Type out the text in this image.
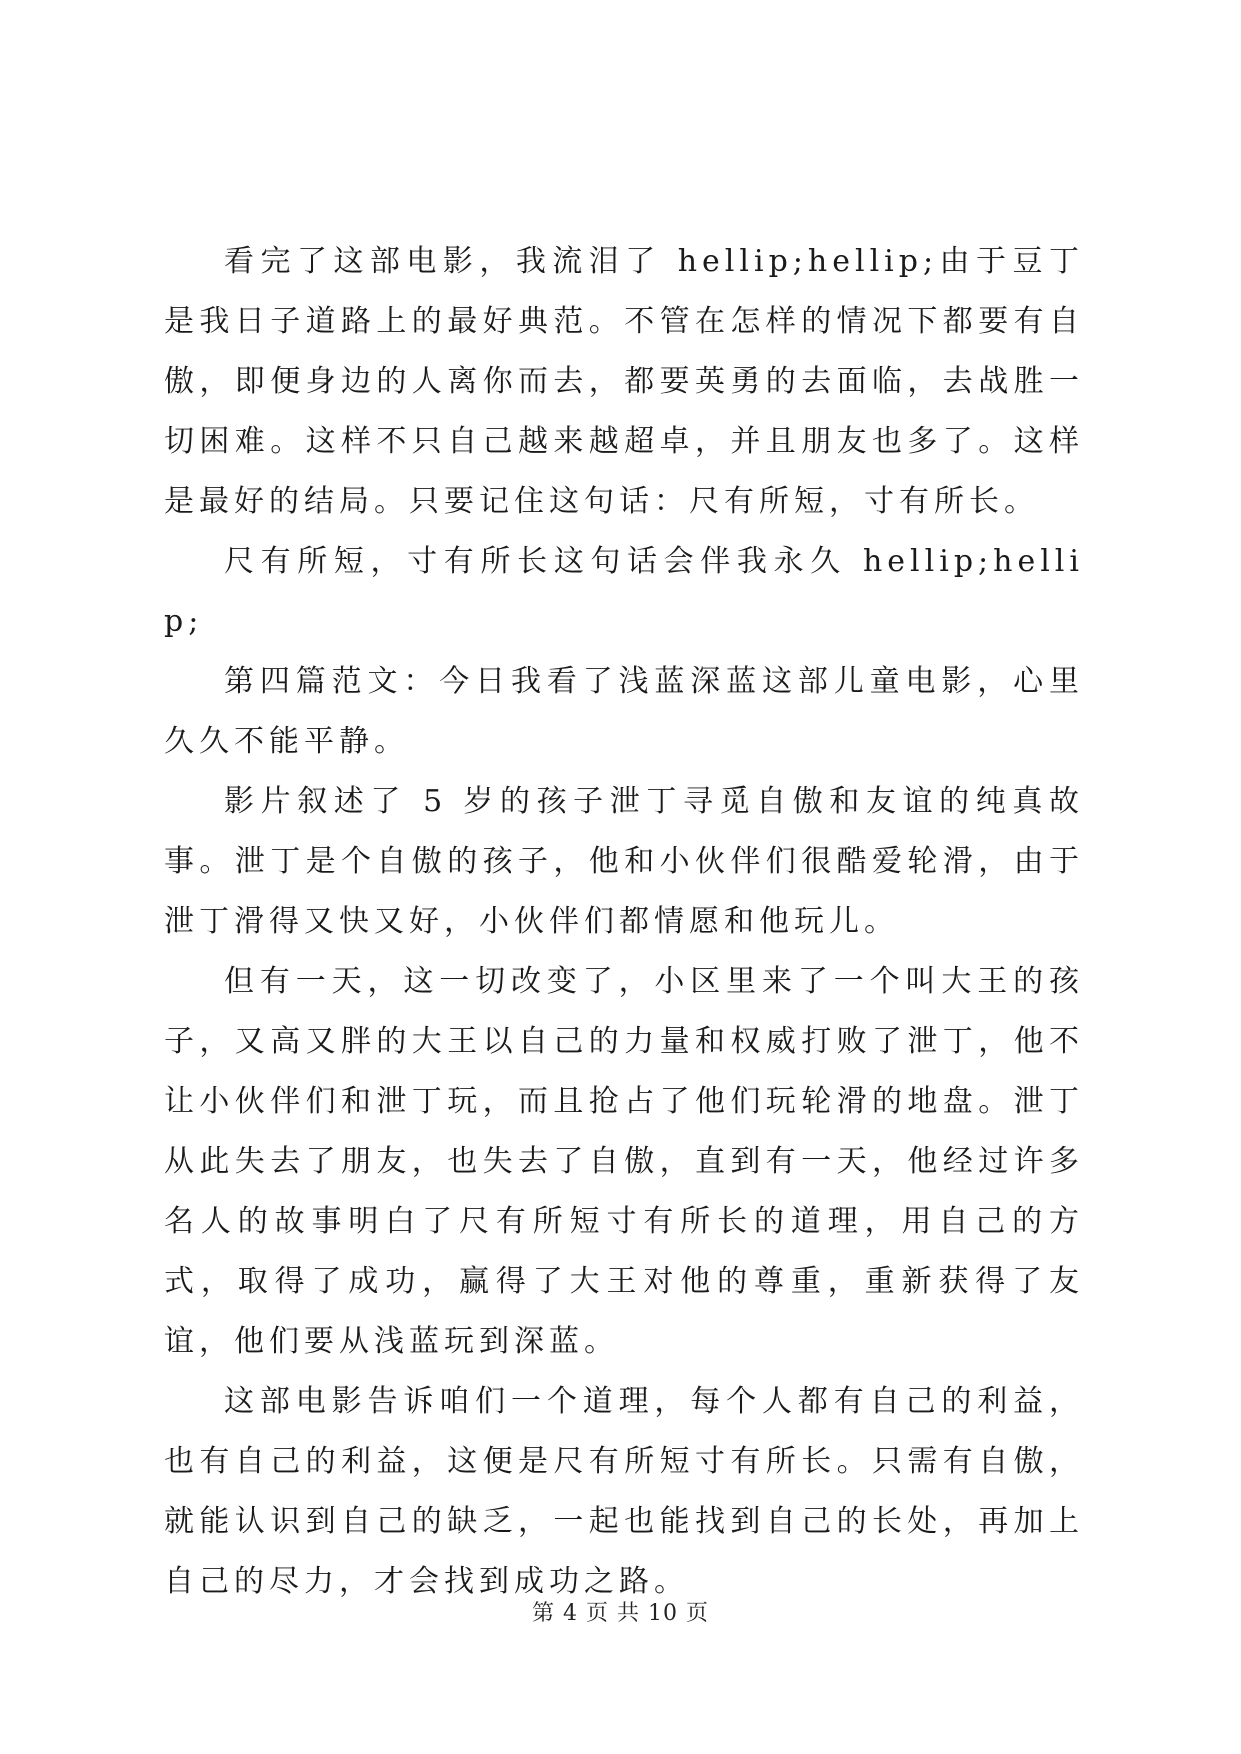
看完了这部电影，我流泪了 hellip;hellip;由于豆丁是我日子道路上的最好典范。不管在怎样的情况下都要有自傲，即便身边的人离你而去，都要英勇的去面临，去战胜一切困难。这样不只自己越来越超卓，并且朋友也多了。这样是最好的结局。只要记住这句话：尺有所短，寸有所长。

尺有所短，寸有所长这句话会伴我永久 hellip;hellip;

第四篇范文：今日我看了浅蓝深蓝这部儿童电影，心里久久不能平静。

影片叙述了 5 岁的孩子泄丁寻觅自傲和友谊的纯真故事。泄丁是个自傲的孩子，他和小伙伴们很酷爱轮滑，由于泄丁滑得又快又好，小伙伴们都情愿和他玩儿。

但有一天，这一切改变了，小区里来了一个叫大王的孩子，又高又胖的大王以自己的力量和权威打败了泄丁，他不让小伙伴们和泄丁玩，而且抢占了他们玩轮滑的地盘。泄丁从此失去了朋友，也失去了自傲，直到有一天，他经过许多名人的故事明白了尺有所短寸有所长的道理，用自己的方式，取得了成功，赢得了大王对他的尊重，重新获得了友谊，他们要从浅蓝玩到深蓝。

这部电影告诉咱们一个道理，每个人都有自己的利益，也有自己的利益，这便是尺有所短寸有所长。只需有自傲，就能认识到自己的缺乏，一起也能找到自己的长处，再加上自己的尽力，才会找到成功之路。

第 4 页 共 10 页
